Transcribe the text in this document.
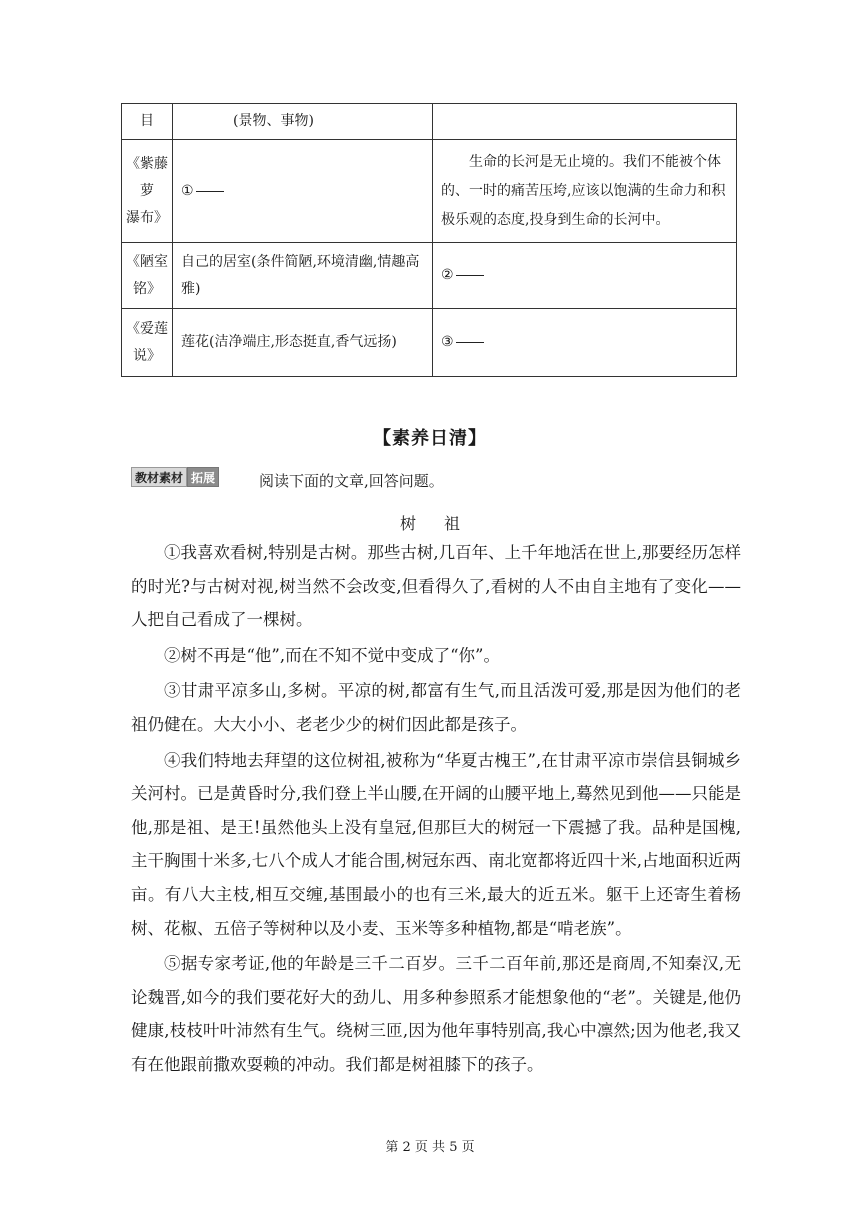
目	(景物、事物)	

《紫藤
萝
瀑布》	①	生命的长河是无止境的。我们不能被个体的、一时的痛苦压垮,应该以饱满的生命力和积极乐观的态度,投身到生命的长河中。

《陋室
铭》	自己的居室(条件简陋,环境清幽,情趣高雅)	②

《爱莲
说》	莲花(洁净端庄,形态挺直,香气远扬)	③
【素养日清】
教材素材 拓展	阅读下面的文章,回答问题。
树祖

①我喜欢看树,特别是古树。那些古树,几百年、上千年地活在世上,那要经历怎样的时光?与古树对视,树当然不会改变,但看得久了,看树的人不由自主地有了变化——人把自己看成了一棵树。

②树不再是“他”,而在不知不觉中变成了“你”。

③甘肃平凉多山,多树。平凉的树,都富有生气,而且活泼可爱,那是因为他们的老祖仍健在。大大小小、老老少少的树们因此都是孩子。

④我们特地去拜望的这位树祖,被称为“华夏古槐王”,在甘肃平凉市崇信县铜城乡关河村。已是黄昏时分,我们登上半山腰,在开阔的山腰平地上,蓦然见到他——只能是他,那是祖、是王!虽然他头上没有皇冠,但那巨大的树冠一下震撼了我。品种是国槐,主干胸围十米多,七八个成人才能合围,树冠东西、南北宽都将近四十米,占地面积近两亩。有八大主枝,相互交缠,基围最小的也有三米,最大的近五米。躯干上还寄生着杨树、花椒、五倍子等树种以及小麦、玉米等多种植物,都是“啃老族”。

⑤据专家考证,他的年龄是三千二百岁。三千二百年前,那还是商周,不知秦汉,无论魏晋,如今的我们要花好大的劲儿、用多种参照系才能想象他的“老”。关键是,他仍健康,枝枝叶叶沛然有生气。绕树三匝,因为他年事特别高,我心中凛然;因为他老,我又有在他跟前撒欢耍赖的冲动。我们都是树祖膝下的孩子。

第 2 页 共 5 页
